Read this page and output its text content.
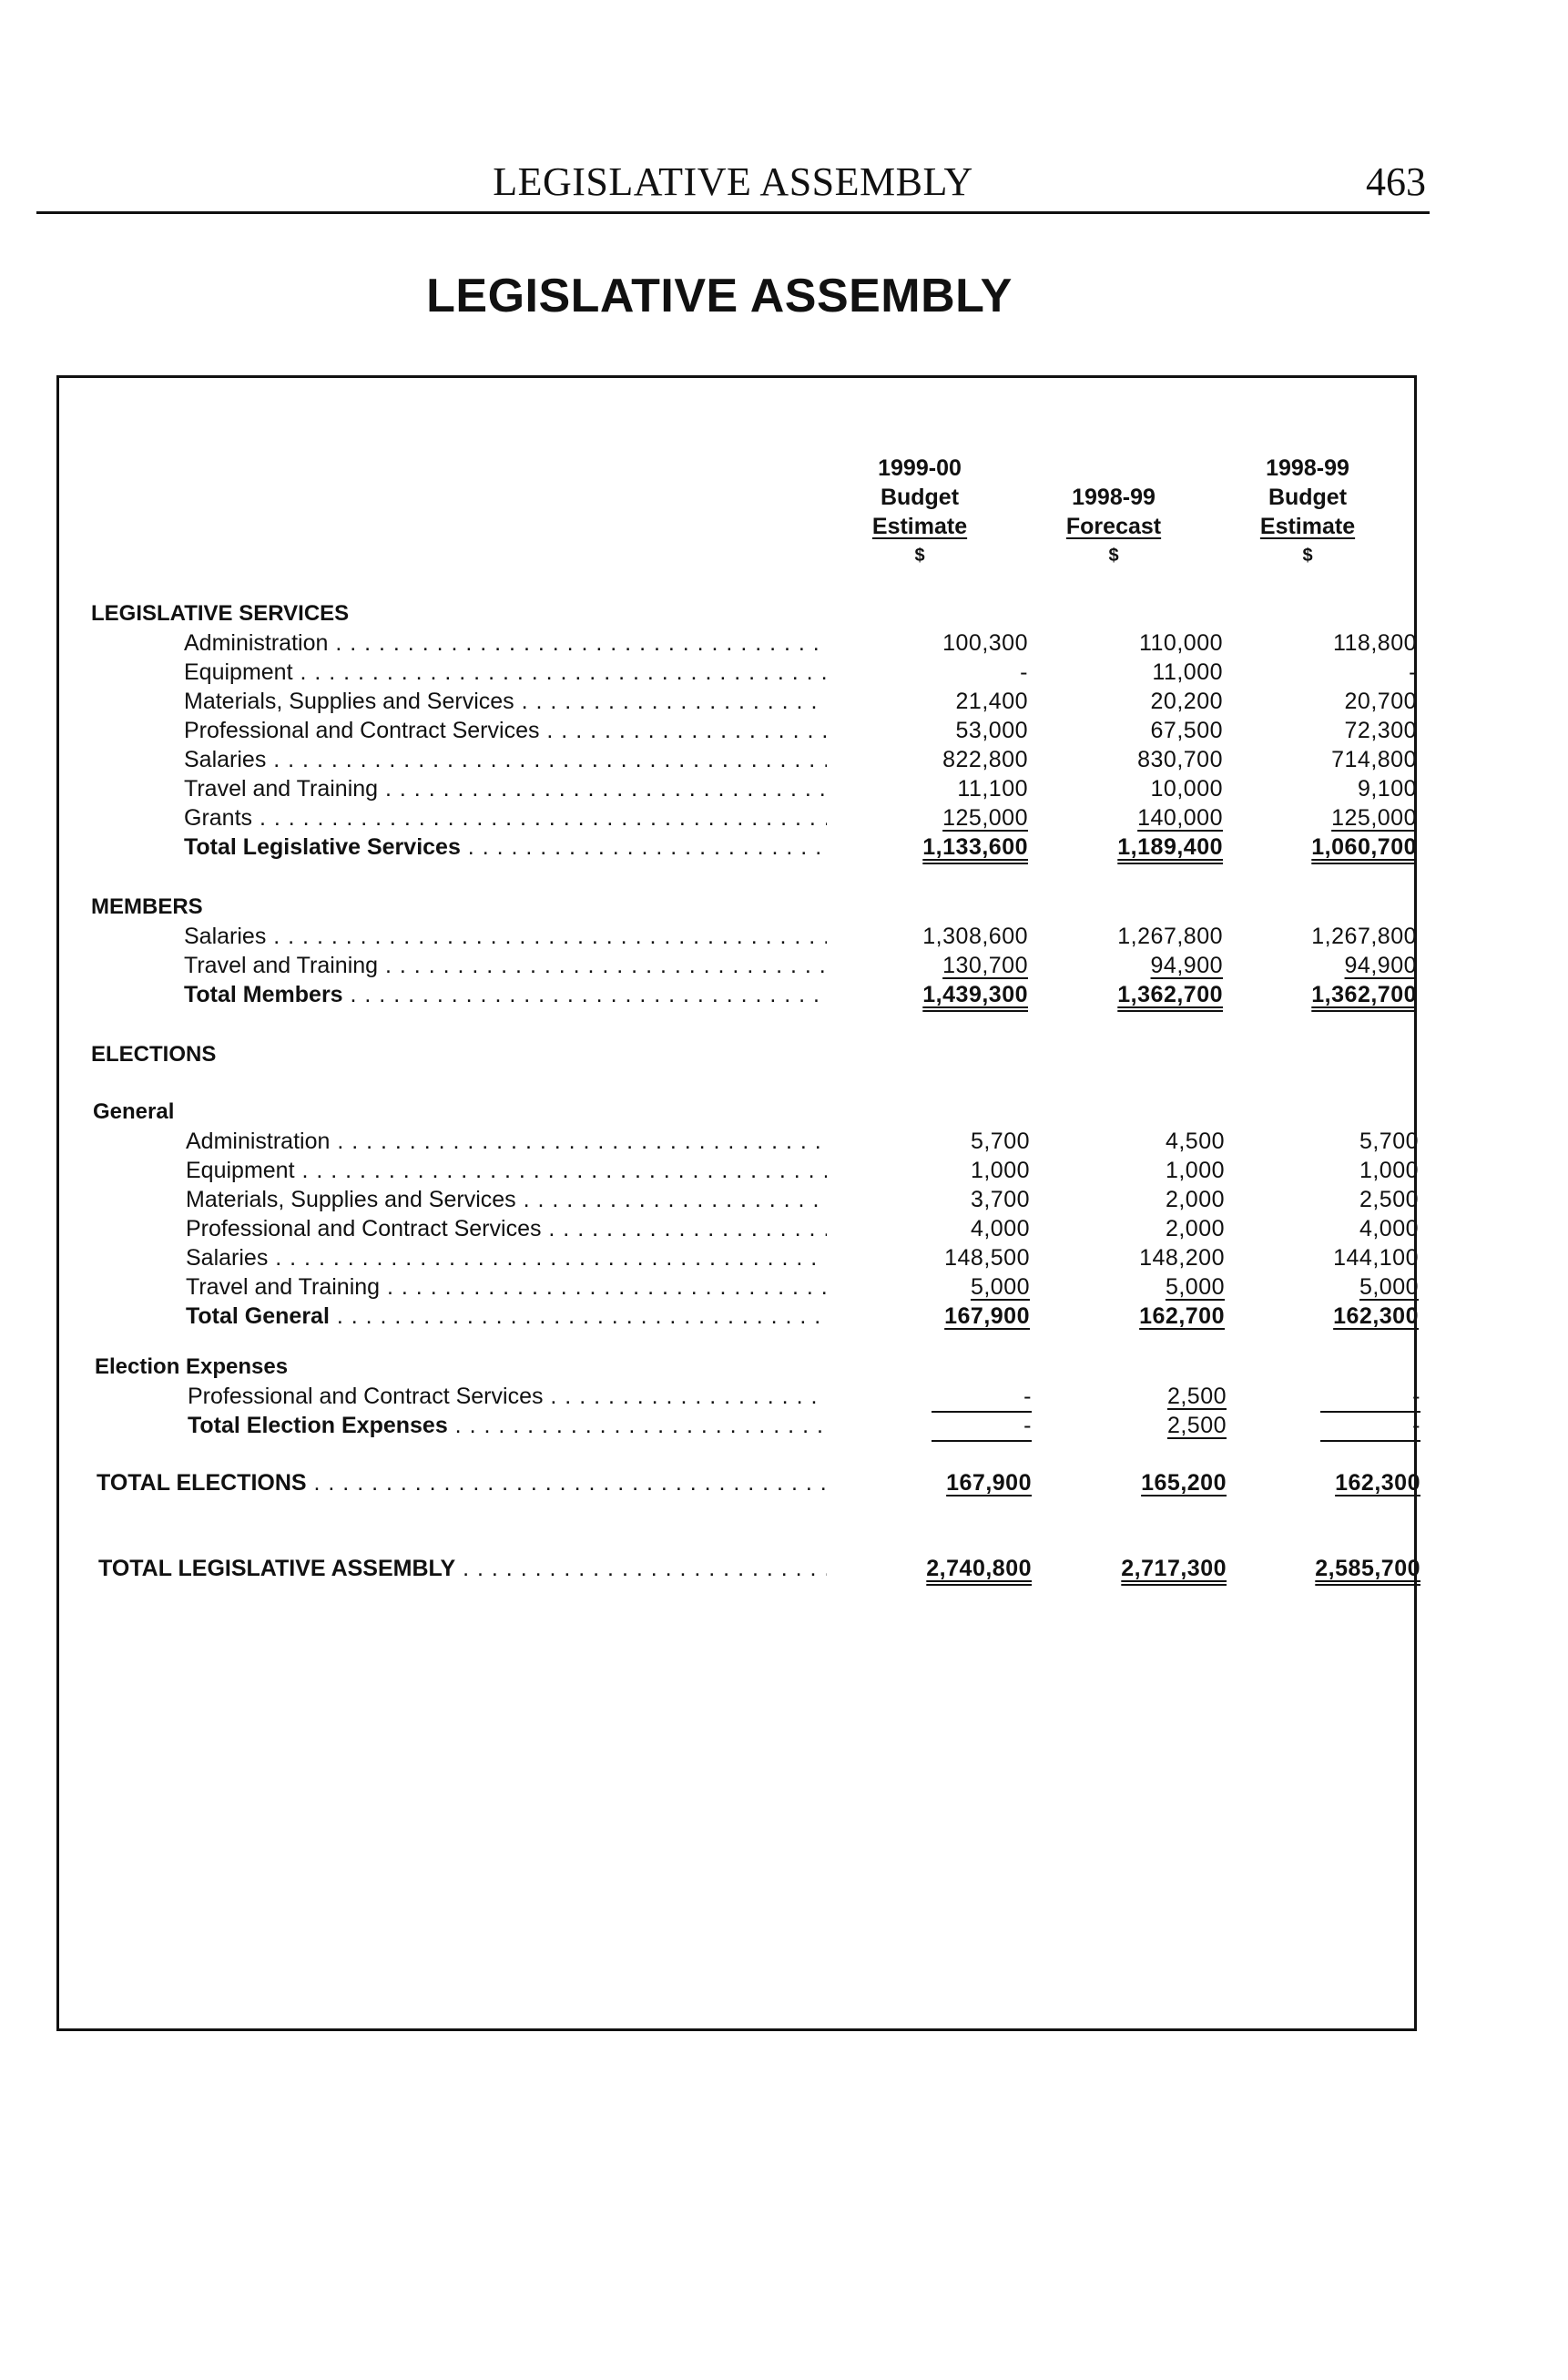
LEGISLATIVE ASSEMBLY	463
LEGISLATIVE ASSEMBLY
1999-00
Budget
Estimate
$

1998-99
Forecast
$
1998-99
Budget
Estimate
$
LEGISLATIVE SERVICES
Administration . . .	100,300	110,000	118,800
Equipment . . .	-	11,000	-
Materials, Supplies and Services . . .	21,400	20,200	20,700
Professional and Contract Services . . .	53,000	67,500	72,300
Salaries . . .	822,800	830,700	714,800
Travel and Training . . .	11,100	10,000	9,100
Grants . . .	125,000	140,000	125,000
Total Legislative Services . . .	1,133,600	1,189,400	1,060,700
MEMBERS
Salaries . . .	1,308,600	1,267,800	1,267,800
Travel and Training . . .	130,700	94,900	94,900
Total Members . . .	1,439,300	1,362,700	1,362,700
ELECTIONS
General
Administration . . .	5,700	4,500	5,700
Equipment . . .	1,000	1,000	1,000
Materials, Supplies and Services . . .	3,700	2,000	2,500
Professional and Contract Services . . .	4,000	2,000	4,000
Salaries . . .	148,500	148,200	144,100
Travel and Training . . .	5,000	5,000	5,000
Total General . . .	167,900	162,700	162,300
Election Expenses
Professional and Contract Services . . .	-	2,500	-
Total Election Expenses . . .	-	2,500	-
TOTAL ELECTIONS . . .	167,900	165,200	162,300
TOTAL LEGISLATIVE ASSEMBLY . . .	2,740,800	2,717,300	2,585,700
